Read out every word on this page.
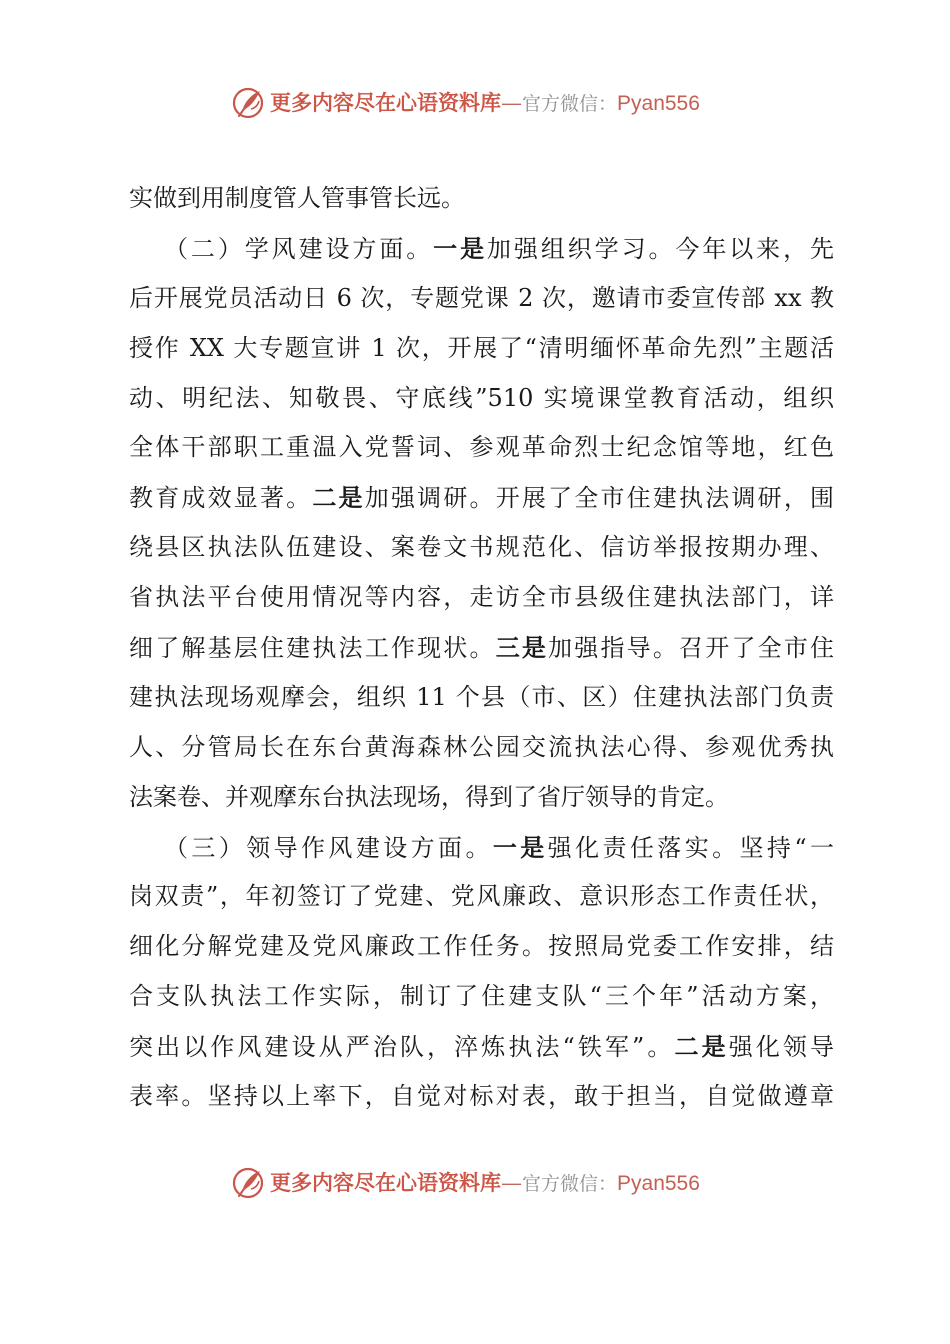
更多内容尽在心语资料库—官方微信：Pyan556
实做到用制度管人管事管长远。
（二）学风建设方面。一是加强组织学习。今年以来，先
后开展党员活动日 6 次，专题党课 2 次，邀请市委宣传部 xx 教
授作 XX 大专题宣讲 1 次，开展了“清明缅怀革命先烈”主题活
动、明纪法、知敬畏、守底线”510 实境课堂教育活动，组织
全体干部职工重温入党誓词、参观革命烈士纪念馆等地，红色
教育成效显著。二是加强调研。开展了全市住建执法调研，围
绕县区执法队伍建设、案卷文书规范化、信访举报按期办理、
省执法平台使用情况等内容，走访全市县级住建执法部门，详
细了解基层住建执法工作现状。三是加强指导。召开了全市住
建执法现场观摩会，组织 11 个县（市、区）住建执法部门负责
人、分管局长在东台黄海森林公园交流执法心得、参观优秀执
法案卷、并观摩东台执法现场，得到了省厅领导的肯定。
（三）领导作风建设方面。一是强化责任落实。坚持“一
岗双责”，年初签订了党建、党风廉政、意识形态工作责任状，
细化分解党建及党风廉政工作任务。按照局党委工作安排，结
合支队执法工作实际，制订了住建支队“三个年”活动方案，
突出以作风建设从严治队，淬炼执法“铁军”。二是强化领导
表率。坚持以上率下，自觉对标对表，敢于担当，自觉做遵章
更多内容尽在心语资料库—官方微信：Pyan556
